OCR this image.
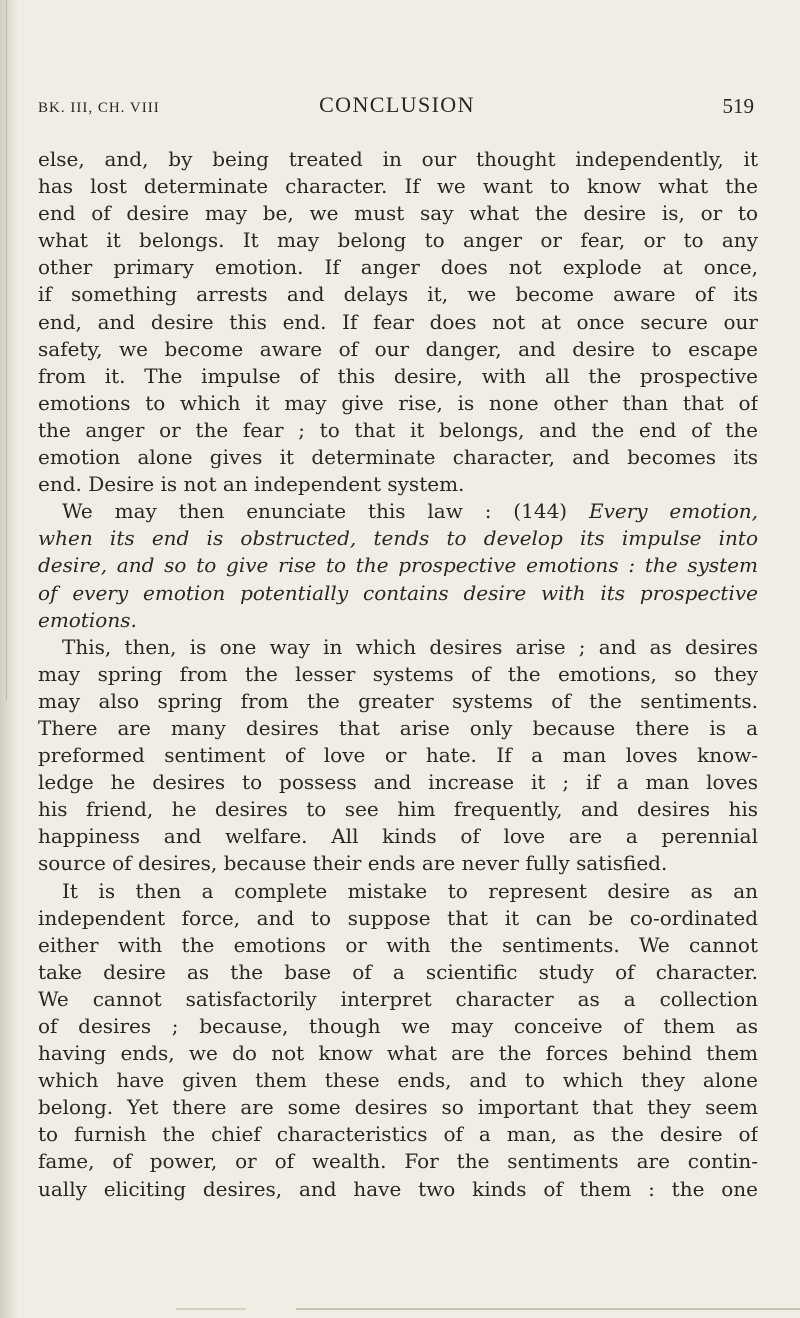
BK. III, CH. VIII	CONCLUSION	519
else, and, by being treated in our thought independently, it
has lost determinate character. If we want to know what the
end of desire may be, we must say what the desire is, or to
what it belongs. It may belong to anger or fear, or to any
other primary emotion. If anger does not explode at once,
if something arrests and delays it, we become aware of its
end, and desire this end. If fear does not at once secure our
safety, we become aware of our danger, and desire to escape
from it. The impulse of this desire, with all the prospective
emotions to which it may give rise, is none other than that of
the anger or the fear ; to that it belongs, and the end of the
emotion alone gives it determinate character, and becomes its
end. Desire is not an independent system.
We may then enunciate this law : (144) Every emotion,
when its end is obstructed, tends to develop its impulse into
desire, and so to give rise to the prospective emotions : the system
of every emotion potentially contains desire with its prospective
emotions.
This, then, is one way in which desires arise ; and as desires
may spring from the lesser systems of the emotions, so they
may also spring from the greater systems of the sentiments.
There are many desires that arise only because there is a
preformed sentiment of love or hate. If a man loves know-
ledge he desires to possess and increase it ; if a man loves
his friend, he desires to see him frequently, and desires his
happiness and welfare. All kinds of love are a perennial
source of desires, because their ends are never fully satisfied.
It is then a complete mistake to represent desire as an
independent force, and to suppose that it can be co-ordinated
either with the emotions or with the sentiments. We cannot
take desire as the base of a scientific study of character.
We cannot satisfactorily interpret character as a collection
of desires ; because, though we may conceive of them as
having ends, we do not know what are the forces behind them
which have given them these ends, and to which they alone
belong. Yet there are some desires so important that they seem
to furnish the chief characteristics of a man, as the desire of
fame, of power, or of wealth. For the sentiments are contin-
ually eliciting desires, and have two kinds of them : the one
